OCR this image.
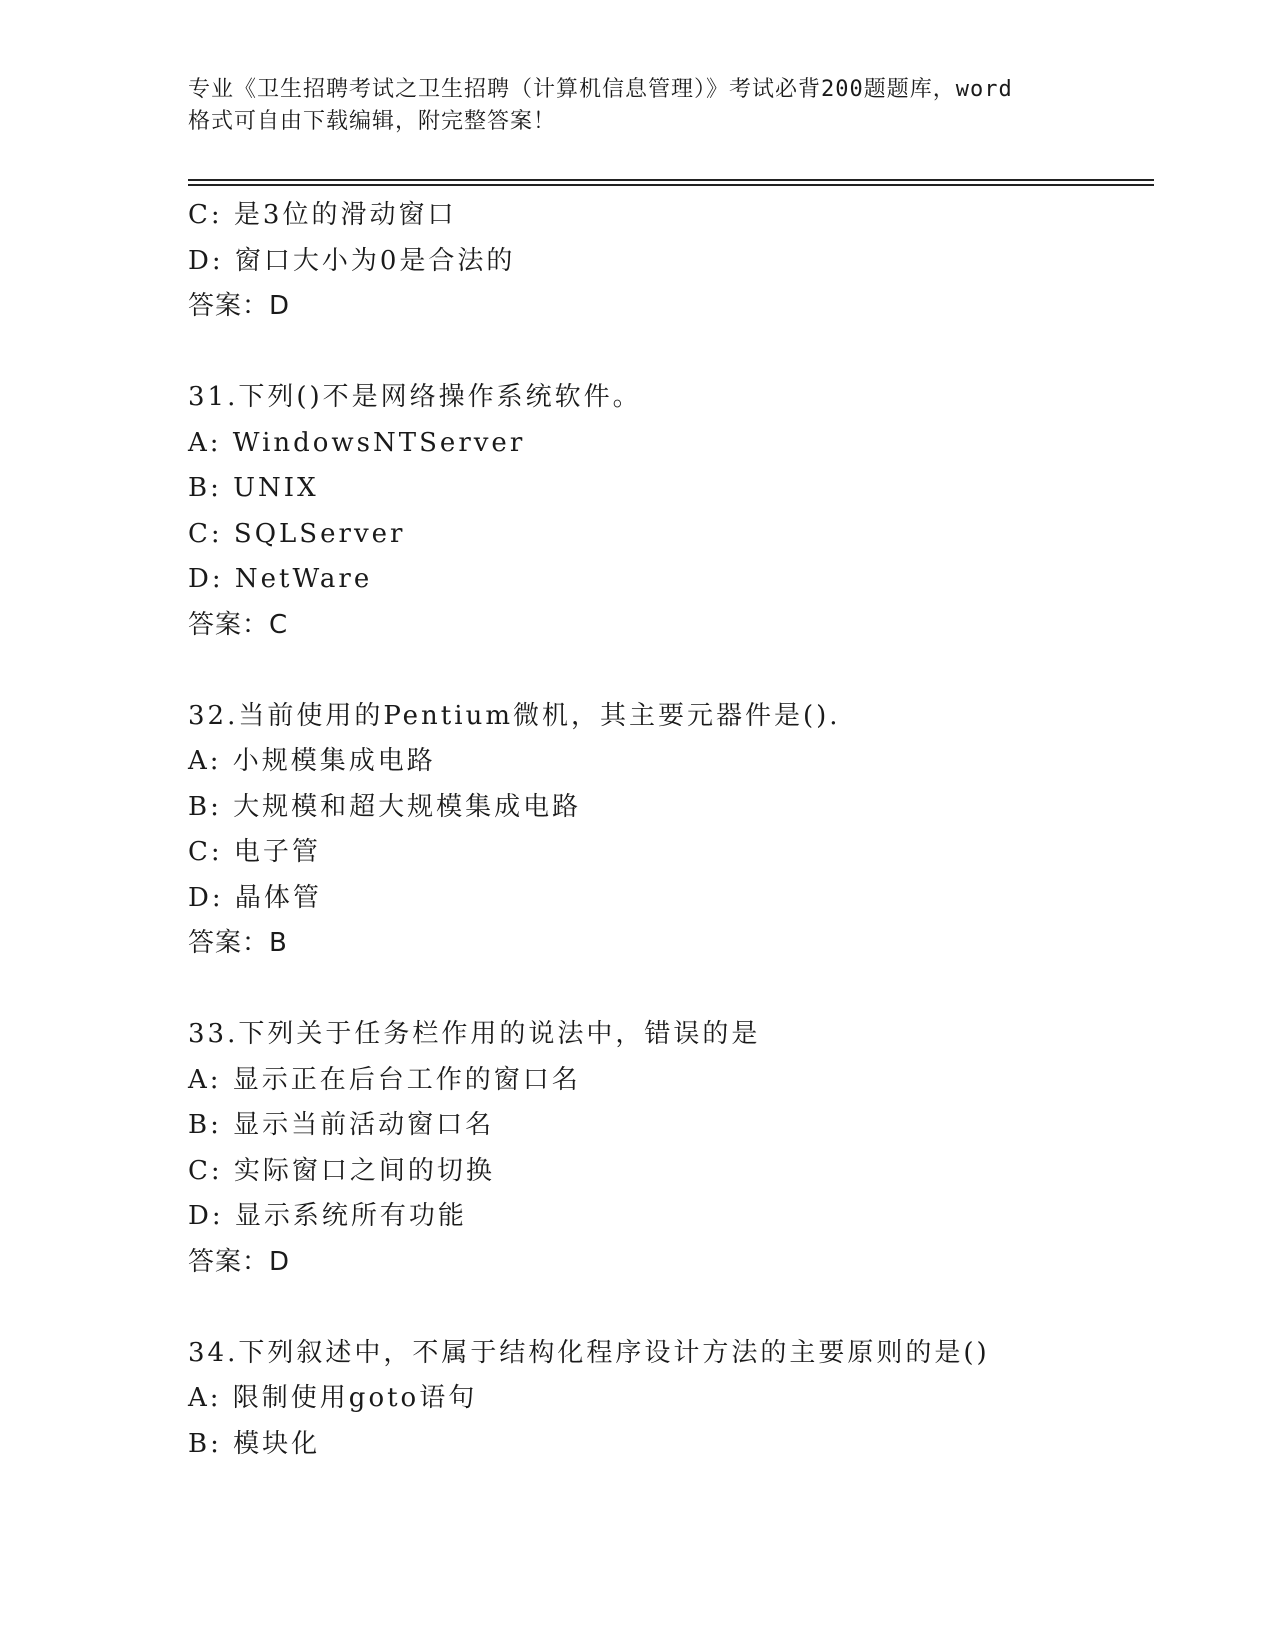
专业《卫生招聘考试之卫生招聘（计算机信息管理）》考试必背200题题库，word
格式可自由下载编辑，附完整答案！
C: 是3位的滑动窗口
D: 窗口大小为0是合法的
答案：D
31.下列()不是网络操作系统软件。
A: WindowsNTServer
B: UNIX
C: SQLServer
D: NetWare
答案：C
32.当前使用的Pentium微机，其主要元器件是().
A: 小规模集成电路
B: 大规模和超大规模集成电路
C: 电子管
D: 晶体管
答案：B
33.下列关于任务栏作用的说法中，错误的是
A: 显示正在后台工作的窗口名
B: 显示当前活动窗口名
C: 实际窗口之间的切换
D: 显示系统所有功能
答案：D
34.下列叙述中，不属于结构化程序设计方法的主要原则的是()
A: 限制使用goto语句
B: 模块化
